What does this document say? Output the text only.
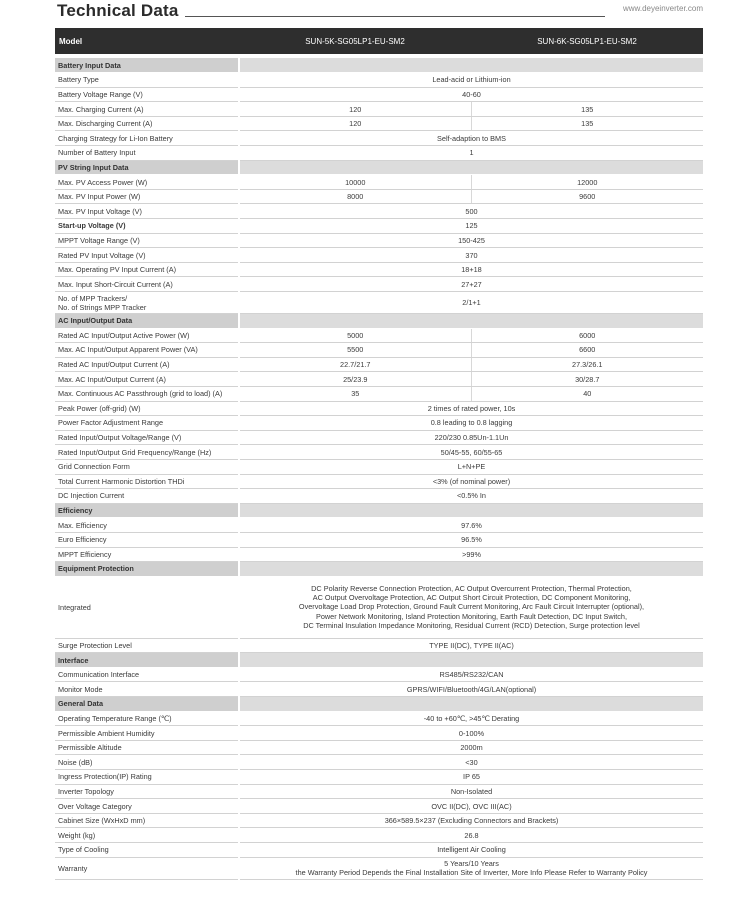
Technical Data	www.deyeinverter.com
Model	SUN-5K-SG05LP1-EU-SM2	SUN-6K-SG05LP1-EU-SM2
Battery Input Data		
Battery Type	Lead-acid or Lithium-ion	
Battery Voltage Range (V)	40-60	
Max. Charging Current (A)	120	135
Max. Discharging Current (A)	120	135
Charging Strategy for Li-Ion Battery	Self-adaption to BMS	
Number of Battery Input	1	
PV String Input Data		
Max. PV Access Power (W)	10000	12000
Max. PV Input Power (W)	8000	9600
Max. PV Input Voltage (V)	500	
Start-up Voltage (V)	125	
MPPT Voltage Range (V)	150-425	
Rated PV Input Voltage (V)	370	
Max. Operating PV Input Current (A)	18+18	
Max. Input Short-Circuit Current (A)	27+27	
No. of MPP Trackers/
No. of Strings MPP Tracker	2/1+1	
AC Input/Output Data		
Rated AC Input/Output Active Power (W)	5000	6000
Max. AC Input/Output Apparent Power (VA)	5500	6600
Rated AC Input/Output Current (A)	22.7/21.7	27.3/26.1
Max. AC Input/Output Current (A)	25/23.9	30/28.7
Max. Continuous AC Passthrough (grid to load) (A)	35	40
Peak Power (off-grid) (W)	2 times of rated power, 10s	
Power Factor Adjustment Range	0.8 leading to 0.8 lagging	
Rated Input/Output Voltage/Range (V)	220/230 0.85Un-1.1Un	
Rated Input/Output Grid Frequency/Range (Hz)	50/45-55, 60/55-65	
Grid Connection Form	L+N+PE	
Total Current Harmonic Distortion THDi	<3% (of nominal power)	
DC Injection Current	<0.5% In	
Efficiency		
Max. Efficiency	97.6%	
Euro Efficiency	96.5%	
MPPT Efficiency	>99%	
Equipment Protection		
Integrated	DC Polarity Reverse Connection Protection, AC Output Overcurrent Protection, Thermal Protection,
AC Output Overvoltage Protection, AC Output Short Circuit Protection, DC Component Monitoring,
Overvoltage Load Drop Protection, Ground Fault Current Monitoring, Arc Fault Circuit Interrupter (optional),
Power Network Monitoring, Island Protection Monitoring, Earth Fault Detection, DC Input Switch,
DC Terminal Insulation Impedance Monitoring, Residual Current (RCD) Detection, Surge protection level	
Surge Protection Level	TYPE II(DC), TYPE II(AC)	
Interface		
Communication Interface	RS485/RS232/CAN	
Monitor Mode	GPRS/WIFI/Bluetooth/4G/LAN(optional)	
General Data		
Operating Temperature Range (℃)	-40 to +60℃, >45℃ Derating	
Permissible Ambient Humidity	0-100%	
Permissible Altitude	2000m	
Noise (dB)	<30	
Ingress Protection(IP) Rating	IP 65	
Inverter Topology	Non-Isolated	
Over Voltage Category	OVC II(DC), OVC III(AC)	
Cabinet Size (WxHxD mm)	366×589.5×237 (Excluding Connectors and Brackets)	
Weight (kg)	26.8	
Type of Cooling	Intelligent Air Cooling	
Warranty	5 Years/10 Years
the Warranty Period Depends the Final Installation Site of Inverter, More Info Please Refer to Warranty Policy	
